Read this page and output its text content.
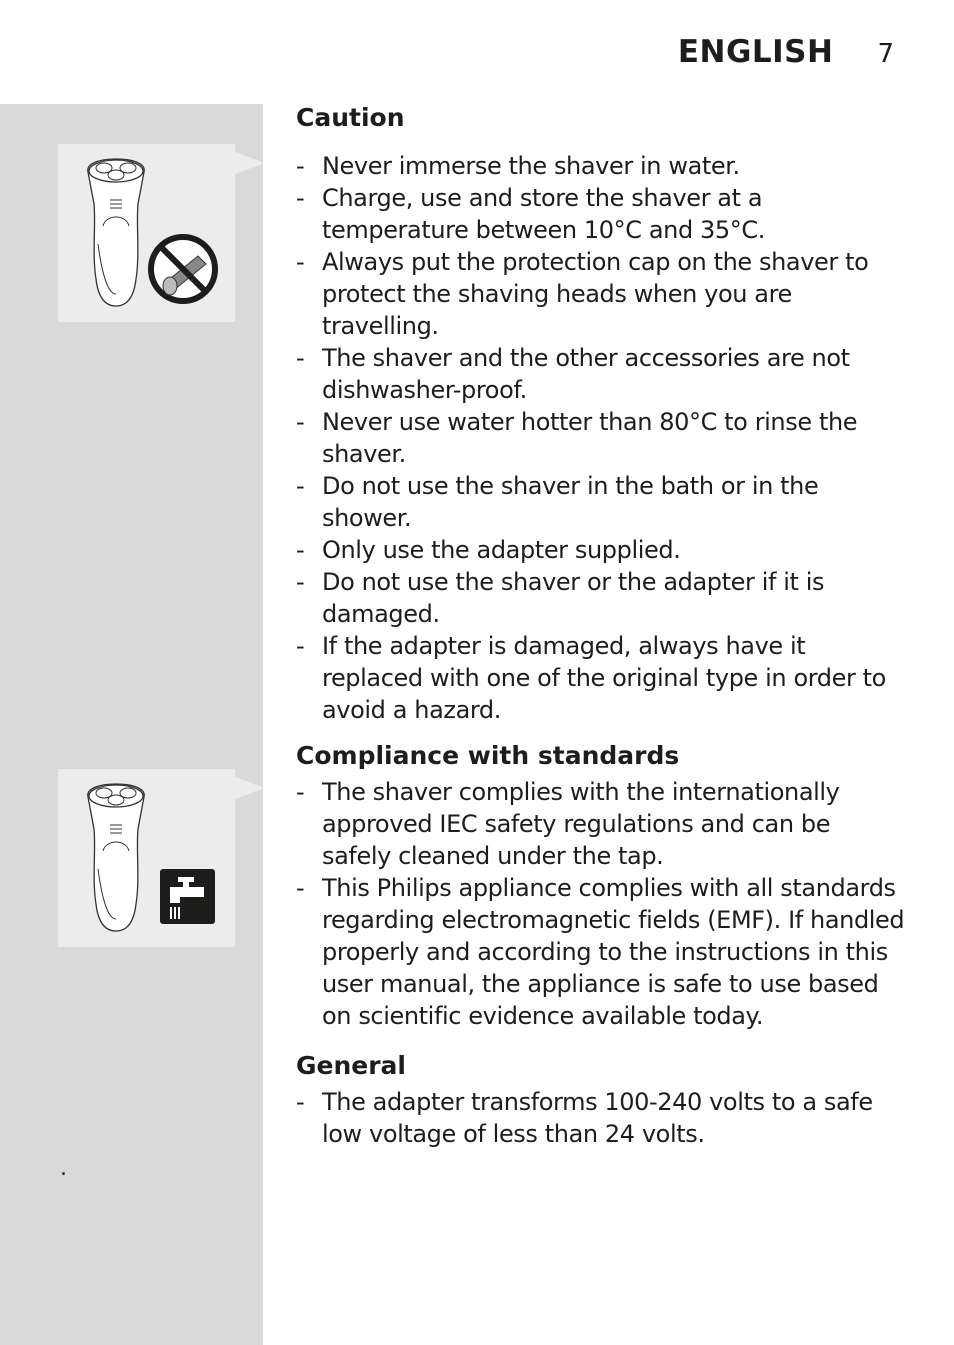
ENGLISH 7
Caution
- Never immerse the shaver in water.
- Charge, use and store the shaver at a temperature between 10°C and 35°C.
- Always put the protection cap on the shaver to protect the shaving heads when you are travelling.
- The shaver and the other accessories are not dishwasher-proof.
- Never use water hotter than 80°C to rinse the shaver.
- Do not use the shaver in the bath or in the shower.
- Only use the adapter supplied.
- Do not use the shaver or the adapter if it is damaged.
- If the adapter is damaged, always have it replaced with one of the original type in order to avoid a hazard.
Compliance with standards
- The shaver complies with the internationally approved IEC safety regulations and can be safely cleaned under the tap.
- This Philips appliance complies with all standards regarding electromagnetic fields (EMF). If handled properly and according to the instructions in this user manual, the appliance is safe to use based on scientific evidence available today.
General
- The adapter transforms 100-240 volts to a safe low voltage of less than 24 volts.
.
